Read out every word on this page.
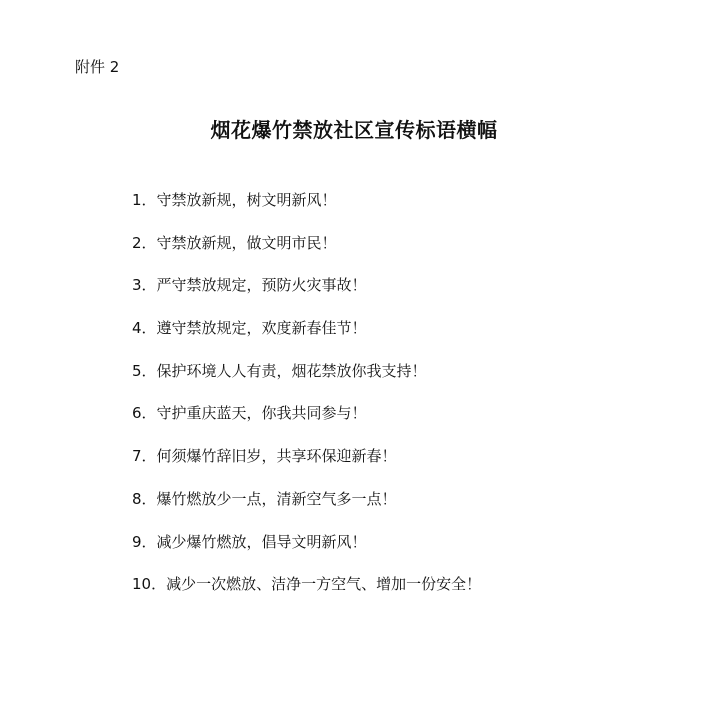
附件 2
烟花爆竹禁放社区宣传标语横幅
1．守禁放新规，树文明新风！
2．守禁放新规，做文明市民！
3．严守禁放规定，预防火灾事故！
4．遵守禁放规定，欢度新春佳节！
5．保护环境人人有责，烟花禁放你我支持！
6．守护重庆蓝天，你我共同参与！
7．何须爆竹辞旧岁，共享环保迎新春！
8．爆竹燃放少一点，清新空气多一点！
9．减少爆竹燃放，倡导文明新风！
10．减少一次燃放、洁净一方空气、增加一份安全！
